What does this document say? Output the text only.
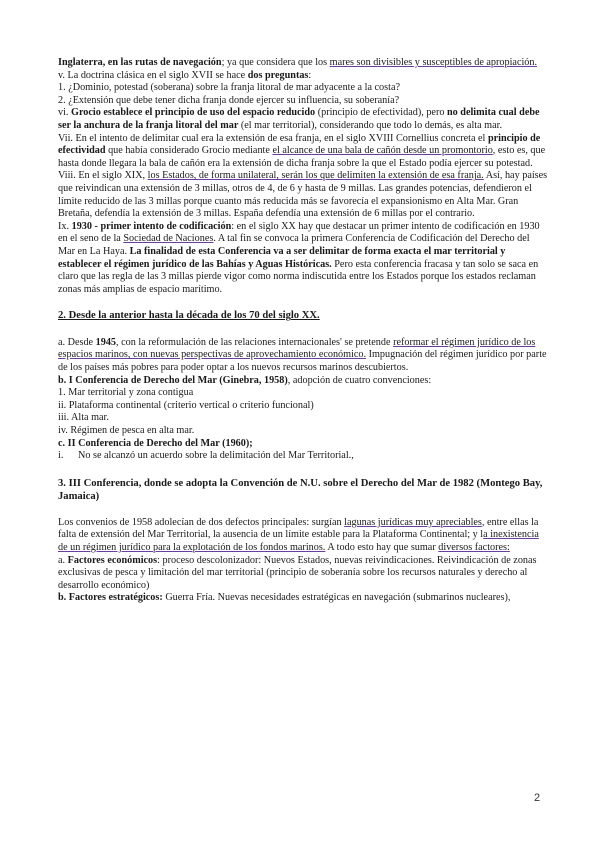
Inglaterra, en las rutas de navegación; ya que considera que los mares son divisibles y susceptibles de apropiación.

v. La doctrina clásica en el siglo XVII se hace dos preguntas:

1. ¿Dominio, potestad (soberana) sobre la franja litoral de mar adyacente a la costa?

2. ¿Extensión que debe tener dicha franja donde ejercer su influencia, su soberanía?

vi. Grocio establece el principio de uso del espacio reducido (principio de efectividad), pero no delimita cual debe ser la anchura de la franja litoral del mar (el mar territorial), considerando que todo lo demás, es alta mar.

Vii. En el intento de delimitar cual era la extensión de esa franja, en el siglo XVIII Cornellius concreta el principio de efectividad que había considerado Grocio mediante el alcance de una bala de cañón desde un promontorio, esto es, que hasta donde llegara la bala de cañón era la extensión de dicha franja sobre la que el Estado podía ejercer su potestad.

Viii. En el siglo XIX, los Estados, de forma unilateral, serán los que delimiten la extensión de esa franja. Así, hay países que reivindican una extensión de 3 millas, otros de 4, de 6 y hasta de 9 millas. Las grandes potencias, defendieron el límite reducido de las 3 millas porque cuanto más reducida más se favorecía el expansionismo en Alta Mar. Gran Bretaña, defendía la extensión de 3 millas. España defendía una extensión de 6 millas por el contrario.

Ix. 1930 - primer intento de codificación: en el siglo XX hay que destacar un primer intento de codificación en 1930 en el seno de la Sociedad de Naciones. A tal fin se convoca la primera Conferencia de Codificación del Derecho del Mar en La Haya. La finalidad de esta Conferencia va a ser delimitar de forma exacta el mar territorial y establecer el régimen jurídico de las Bahías y Aguas Históricas. Pero esta conferencia fracasa y tan solo se saca en claro que las regla de las 3 millas pierde vigor como norma indiscutida entre los Estados porque los estados reclaman zonas más amplias de espacio marítimo.

2. Desde la anterior hasta la década de los 70 del siglo XX.

a. Desde 1945, con la reformulación de las relaciones internacionales' se pretende reformar el régimen jurídico de los espacios marinos, con nuevas perspectivas de aprovechamiento económico. Impugnación del régimen jurídico por parte de los países más pobres para poder optar a los nuevos recursos marinos descubiertos.

b. I Conferencia de Derecho del Mar (Ginebra, 1958), adopción de cuatro convenciones:

1. Mar territorial y zona contigua

ii. Plataforma continental (criterio vertical o criterio funcional)

iii. Alta mar.

iv. Régimen de pesca en alta mar.

c. II Conferencia de Derecho del Mar (1960);

i. No se alcanzó un acuerdo sobre la delimitación del Mar Territorial.,

3. III Conferencia, donde se adopta la Convención de N.U. sobre el Derecho del Mar de 1982 (Montego Bay, Jamaica)

Los convenios de 1958 adolecían de dos defectos principales: surgían lagunas jurídicas muy apreciables, entre ellas la falta de extensión del Mar Territorial, la ausencia de un límite estable para la Plataforma Continental; y la inexistencia de un régimen jurídico para la explotación de los fondos marinos. A todo esto hay que sumar diversos factores:

a. Factores económicos: proceso descolonizador: Nuevos Estados, nuevas reivindicaciones. Reivindicación de zonas exclusivas de pesca y limitación del mar territorial (principio de soberanía sobre los recursos naturales y derecho al desarrollo económico)

b. Factores estratégicos: Guerra Fría. Nuevas necesidades estratégicas en navegación (submarinos nucleares),

2
